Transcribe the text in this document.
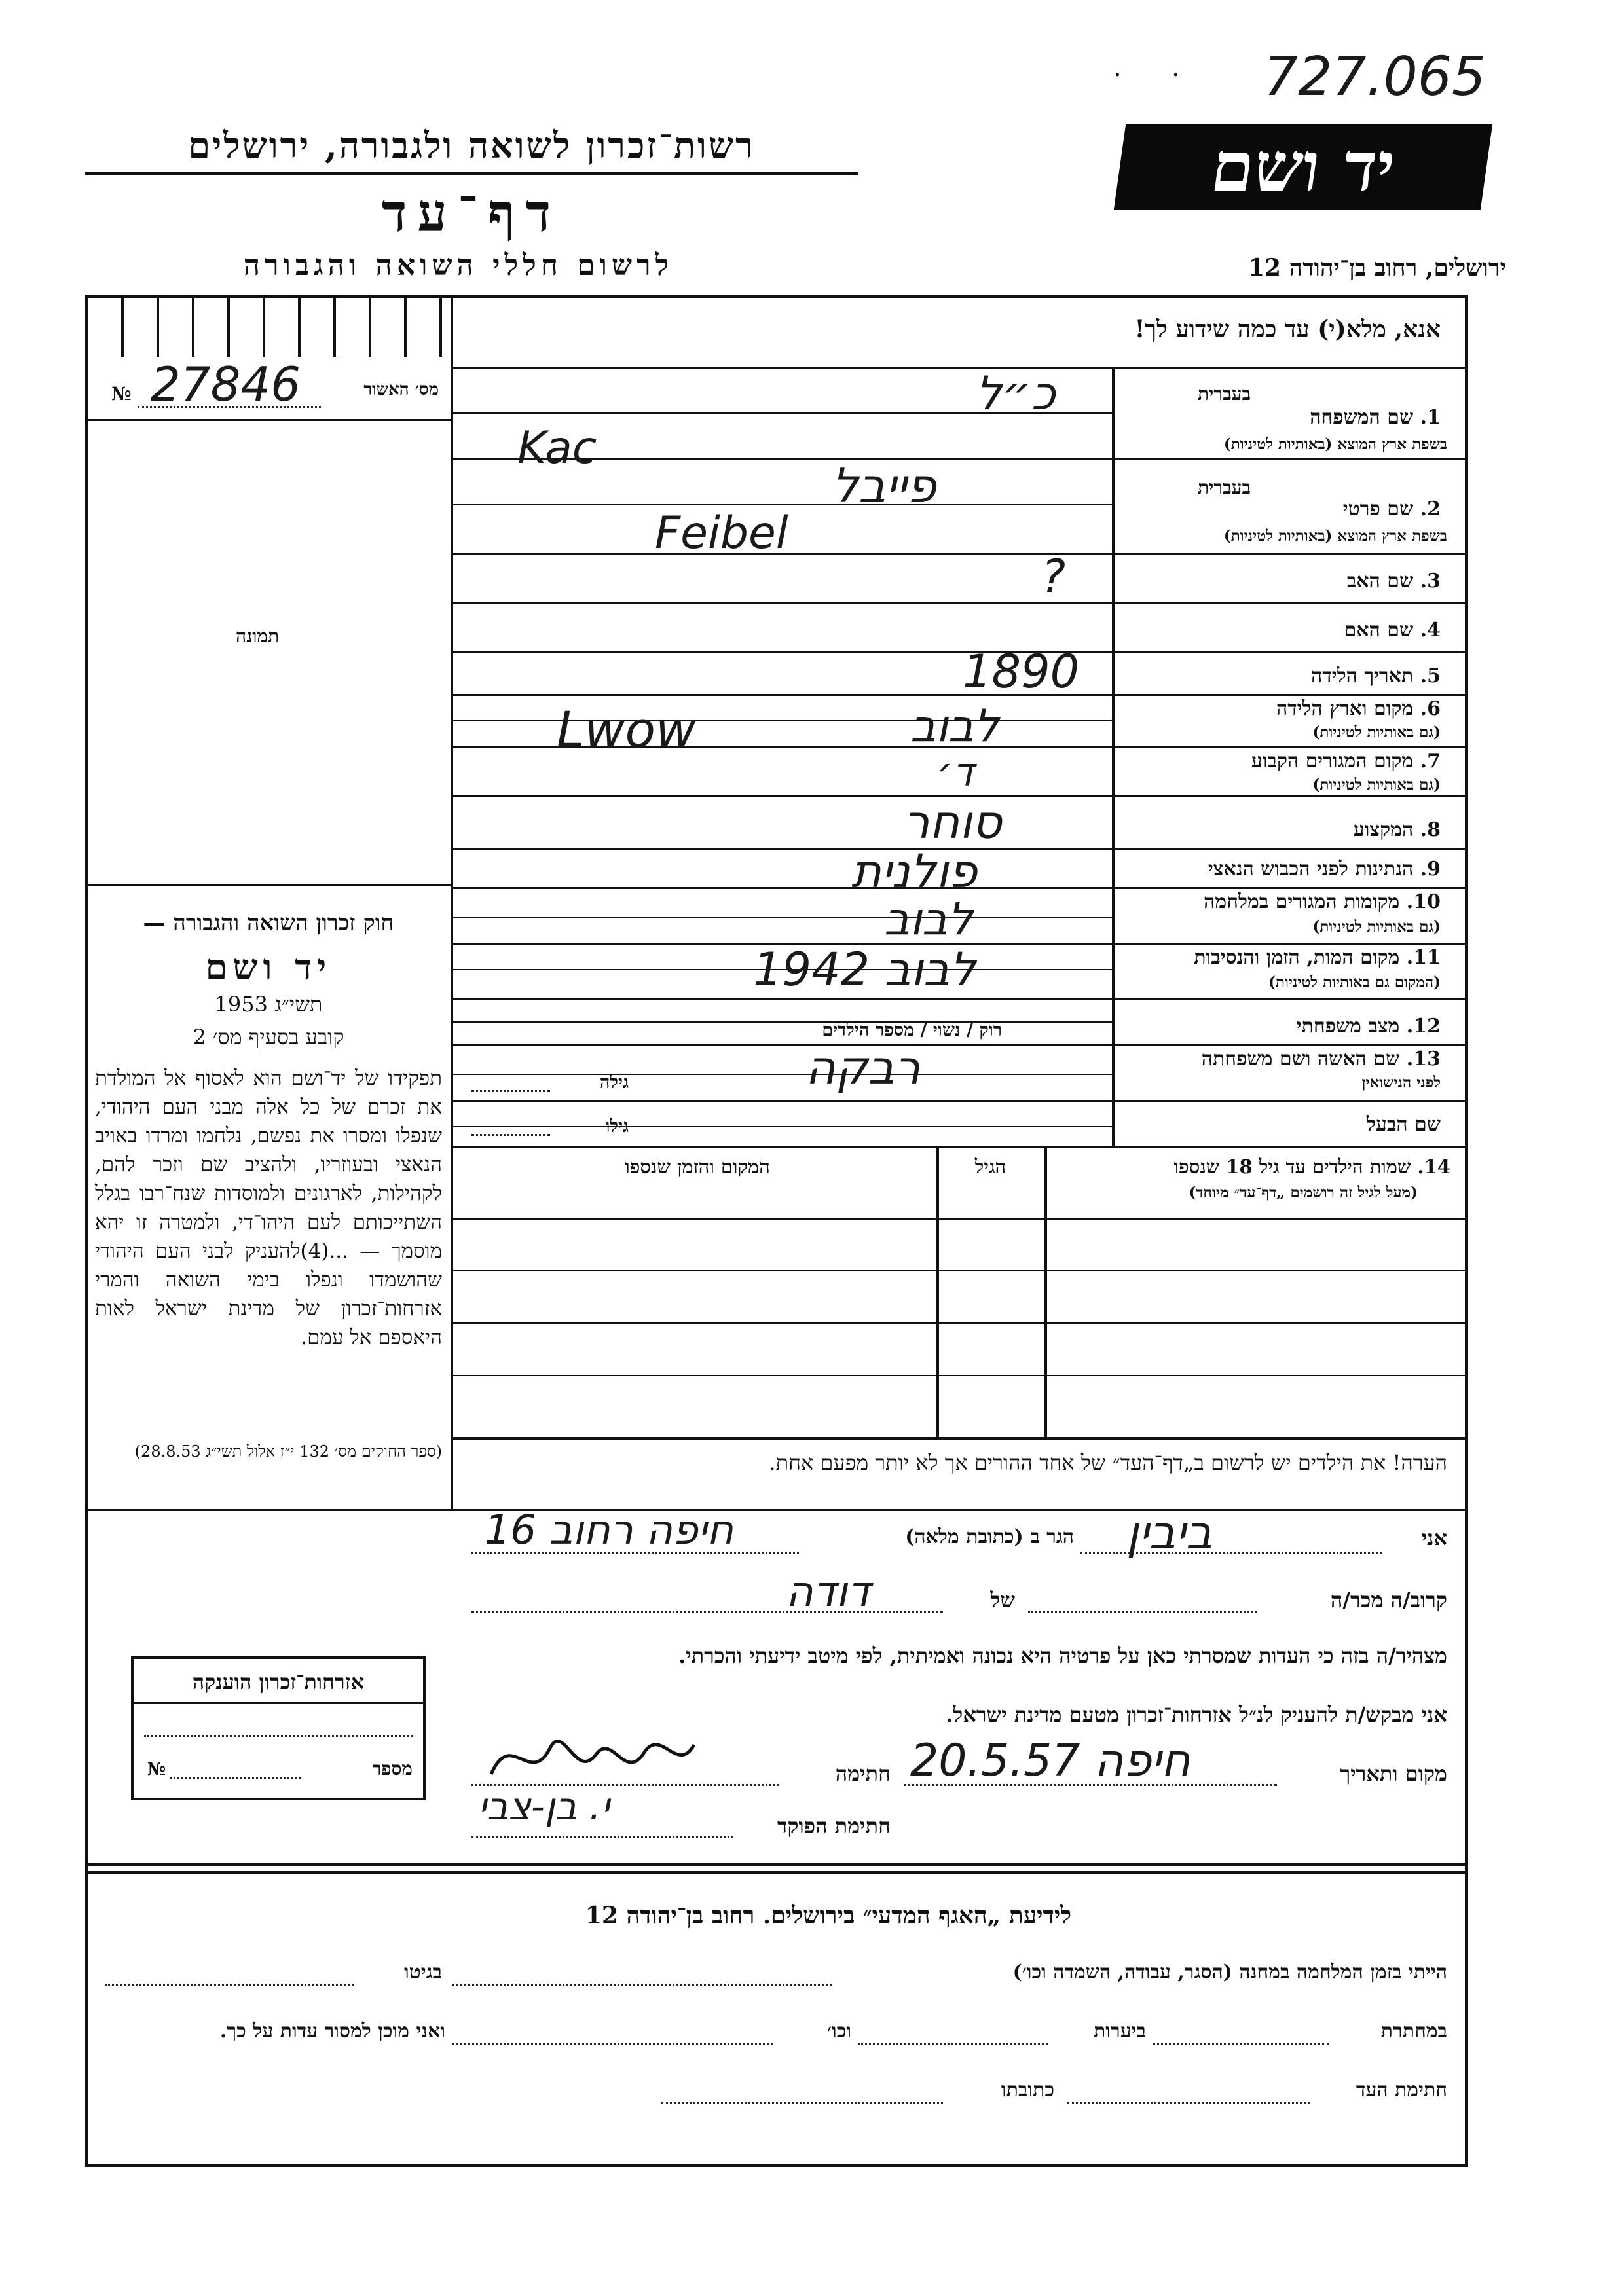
727.065
·      ·
רשות־זכרון לשואה ולגבורה, ירושלים
דף־עד
לרשום חללי השואה והגבורה
יד ושם
ירושלים, רחוב בן־יהודה 12
מס׳ האשור
27846
№
תמונה
חוק זכרון השואה והגבורה —
יד ושם
תשי״ג 1953
קובע בסעיף מס׳ 2
תפקידו של יד־ושם הוא לאסוף אל המולדת את זכרם של כל אלה מבני העם היהודי, שנפלו ומסרו את נפשם, נלחמו ומרדו באויב הנאצי ובעוזריו, ולהציב שם וזכר להם, לקהילות, לארגונים ולמוסדות שנח־רבו בגלל השתייכותם לעם היהו־די, ולמטרה זו יהא מוסמך — ...(4)להעניק לבני העם היהודי שהושמדו ונפלו בימי השואה והמרי אזרחות־זכרון של מדינת ישראל לאות היאספם אל עמם.
(ספר החוקים מס׳ 132 י״ז אלול תשי״ג 28.8.53)
אנא, מלא(י) עד כמה שידוע לך!
בעברית
בעברית
1. שם המשפחה
בשפת ארץ המוצא (באותיות לטיניות)
כ״ל
Kac
2. שם פרטי
בשפת ארץ המוצא (באותיות לטיניות)
פייבל
Feibel
3. שם האב
?
4. שם האם
5. תאריך הלידה
1890
6. מקום וארץ הלידה
(גם באותיות לטיניות)
לבוב
Lwow
7. מקום המגורים הקבוע
(גם באותיות לטיניות)
ד׳
8. המקצוע
סוחר
9. הנתינות לפני הכבוש הנאצי
פולנית
10. מקומות המגורים במלחמה
(גם באותיות לטיניות)
לבוב
11. מקום המות, הזמן והנסיבות
(המקום גם באותיות לטיניות)
לבוב 1942
12. מצב משפחתי
רוק / נשוי / מספר הילדים
13. שם האשה ושם משפחתה
לפני הנישואין
רבקה
גילה
שם הבעל
גילו
14. שמות הילדים עד גיל 18 שנספו
(מעל לגיל זה רושמים „דף־עד״ מיוחד)
הגיל
המקום והזמן שנספו
הערה! את הילדים יש לרשום ב„דף־העד״ של אחד ההורים אך לא יותר מפעם אחת.
אני
ביבין
הגר ב (כתובת מלאה)
חיפה רחוב 16
קרוב/ה מכר/ה
של
דודה
מצהיר/ה בזה כי העדות שמסרתי כאן על פרטיה היא נכונה ואמיתית, לפי מיטב ידיעתי והכרתי.
אני מבקש/ת להעניק לנ״ל אזרחות־זכרון מטעם מדינת ישראל.
מקום ותאריך
חיפה 20.5.57
חתימה
חתימת הפוקד
י. בן-צבי
אזרחות־זכרון הוענקה
מספר
№
לידיעת „האגף המדעי״ בירושלים. רחוב בן־יהודה 12
הייתי בזמן המלחמה במחנה (הסגר, עבודה, השמדה וכו׳)
בגיטו
במחתרת
ביערות
וכו׳
ואני מוכן למסור עדות על כך.
חתימת העד
כתובתו
